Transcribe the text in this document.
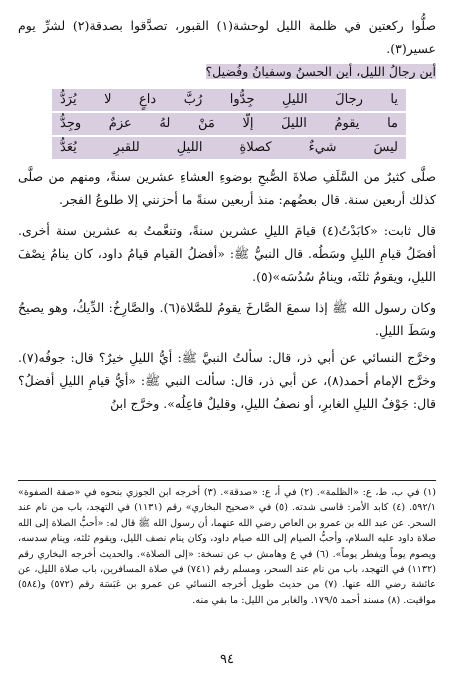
صلُّوا ركعتين في ظلمة الليل لوحشة(١) القبور، تصدَّقوا بصدقة(٢) لشرِّ يوم عسير(٣).

أين رجالُ الليل، أين الحسنُ وسفيانُ وفُضيل؟

يا رجالَ الليلِ جِدُّوا رُبَّ داعٍ لا يُرَدُّ
ما يقومُ الليلَ إلَّا مَنْ لهُ عزمٌ وجِدُّ
ليسَ شيءٌ كصلاةِ الليلِ للقبرِ يُعَدُّ

صلَّى كثيرٌ من السَّلَفِ صلاةَ الصُّبحِ بوضوءِ العشاءِ عشرين سنةً، ومنهم من صلَّى كذلك أربعين سنة. قال بعضُهم: منذ أربعين سنةً ما أحزنني إلا طلوعُ الفجر.

قال ثابت: «كابَدْتُ(٤) قيامَ الليلِ عشرين سنةً، وتنعَّمتُ به عشرين سنة أخرى. أفضَلُ قيامِ الليلِ وسَطُه. قال النبيُّ ﷺ: «أفضلُ القيام قيامُ داود، كان ينامُ نِصْفَ الليلِ، ويقومُ ثلثَه، وينامُ سُدُسَه»(٥).

وكان رسول الله ﷺ إذا سمعَ الصَّارخَ يقومُ للصَّلاة(٦). والصَّارِخُ: الدِّيكُ، وهو يصيحُ وسَطَ الليلِ.

وخرَّج النسائي عن أبي ذر، قال: سألتُ النبيَّ ﷺ: أيُّ الليلِ خيرٌ؟ قال: جوفُه(٧). وخرَّج الإمام أحمد(٨)، عن أبي ذر، قال: سألت النبي ﷺ: «أيُّ قيامِ الليلِ أفضلُ؟ قال: جَوْفُ الليلِ الغابرِ، أو نصفُ الليلِ، وقليلٌ فاعِلُه». وخرَّج ابنُ

(١) في ب، ط، ع: «الظلمة». (٢) في أ، ع: «صدقة». (٣) أخرجه ابن الجوزي بنحوه في «صفة الصفوة» ٥٩٢/١. (٤) كابد الأمر: قاسى شدته. (٥) في «صحيح البخاري» رقم (١١٣١) في التهجد، باب من نام عند السحر. عن عبد الله بن عمرو بن العاص رضي الله عنهما، أن رسول الله ﷺ قال له: «أحبُّ الصلاة إلى الله صلاة داود عليه السلام، وأحبُّ الصيام إلى الله صيام داود، وكان ينام نصف الليل، ويقوم ثلثه، وينام سدسه، ويصوم يوماً ويفطر يوماً». (٦) في ع وهامش ب عن نسخة: «إلى الصلاة». والحديث أخرجه البخاري رقم (١١٣٢) في التهجد، باب من نام عند السحر، ومسلم رقم (٧٤١) في صلاة المسافرين، باب صلاة الليل، عن عائشة رضي الله عنها. (٧) من حديث طويل أخرجه النسائي عن عمرو بن عَبَسَة رقم (٥٧٢) و(٥٨٤) مواقيت. (٨) مسند أحمد ١٧٩/٥. والغابر من الليل: ما بقي منه.

٩٤
